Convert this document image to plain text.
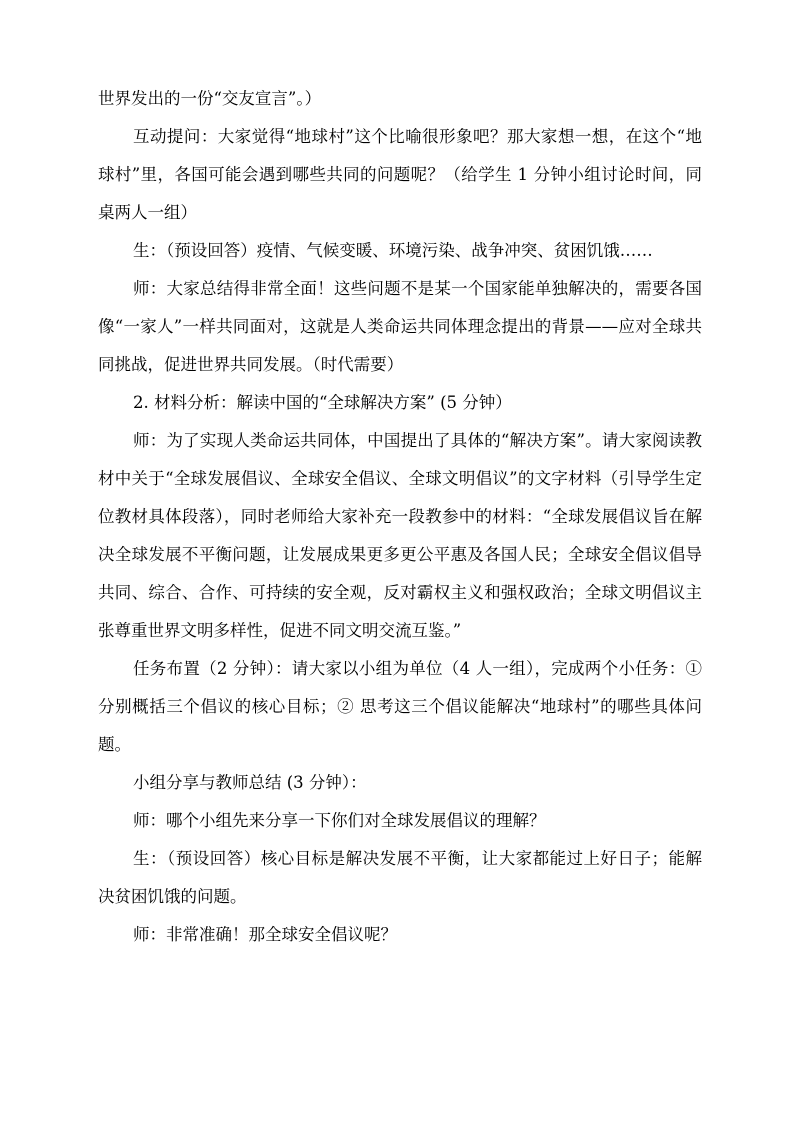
世界发出的一份“交友宣言”。）

互动提问：大家觉得“地球村”这个比喻很形象吧？那大家想一想，在这个“地球村”里，各国可能会遇到哪些共同的问题呢？（给学生 1 分钟小组讨论时间，同桌两人一组）

生：（预设回答）疫情、气候变暖、环境污染、战争冲突、贫困饥饿……

师：大家总结得非常全面！这些问题不是某一个国家能单独解决的，需要各国像“一家人”一样共同面对，这就是人类命运共同体理念提出的背景——应对全球共同挑战，促进世界共同发展。（时代需要）

2. 材料分析：解读中国的“全球解决方案” (5 分钟）

师：为了实现人类命运共同体，中国提出了具体的“解决方案”。请大家阅读教材中关于“全球发展倡议、全球安全倡议、全球文明倡议”的文字材料（引导学生定位教材具体段落），同时老师给大家补充一段教参中的材料：“全球发展倡议旨在解决全球发展不平衡问题，让发展成果更多更公平惠及各国人民；全球安全倡议倡导共同、综合、合作、可持续的安全观，反对霸权主义和强权政治；全球文明倡议主张尊重世界文明多样性，促进不同文明交流互鉴。”

任务布置（2 分钟）：请大家以小组为单位（4 人一组），完成两个小任务：① 分别概括三个倡议的核心目标；② 思考这三个倡议能解决“地球村”的哪些具体问题。

小组分享与教师总结 (3 分钟）：

师：哪个小组先来分享一下你们对全球发展倡议的理解？

生：（预设回答）核心目标是解决发展不平衡，让大家都能过上好日子；能解决贫困饥饿的问题。

师：非常准确！那全球安全倡议呢？
